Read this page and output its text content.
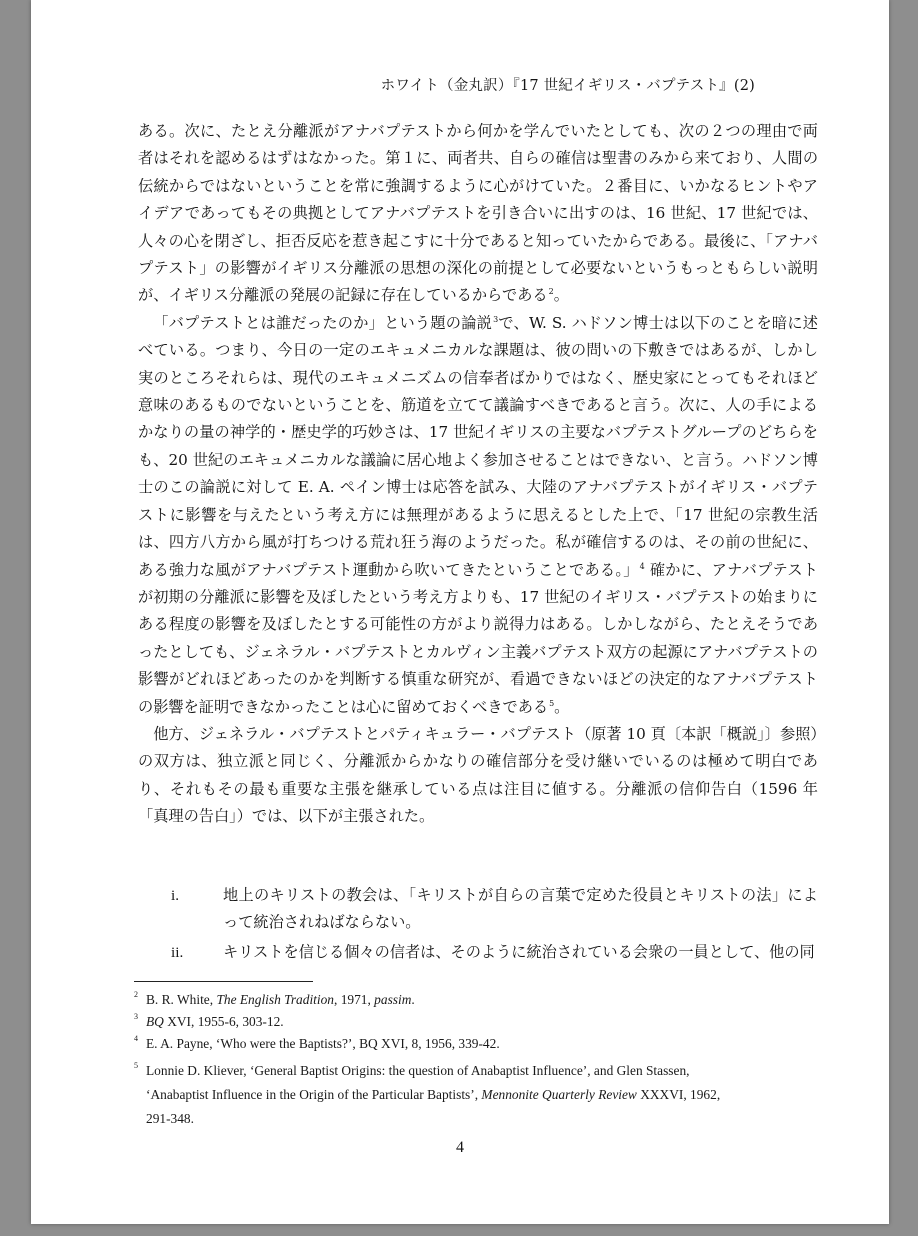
ホワイト（金丸訳）『17 世紀イギリス・バプテスト』(2)

ある。次に、たとえ分離派がアナバプテストから何かを学んでいたとしても、次の２つの理由で両者はそれを認めるはずはなかった。第１に、両者共、自らの確信は聖書のみから来ており、人間の伝統からではないということを常に強調するように心がけていた。２番目に、いかなるヒントやアイデアであってもその典拠としてアナバプテストを引き合いに出すのは、16 世紀、17 世紀では、人々の心を閉ざし、拒否反応を惹き起こすに十分であると知っていたからである。最後に、「アナバプテスト」の影響がイギリス分離派の思想の深化の前提として必要ないというもっともらしい説明が、イギリス分離派の発展の記録に存在しているからである$^2$。

「バプテストとは誰だったのか」という題の論説$^3$で、W. S. ハドソン博士は以下のことを暗に述べている。つまり、今日の一定のエキュメニカルな課題は、彼の問いの下敷きではあるが、しかし実のところそれらは、現代のエキュメニズムの信奉者ばかりではなく、歴史家にとってもそれほど意味のあるものでないということを、筋道を立てて議論すべきであると言う。次に、人の手によるかなりの量の神学的・歴史学的巧妙さは、17 世紀イギリスの主要なバプテストグループのどちらをも、20 世紀のエキュメニカルな議論に居心地よく参加させることはできない、と言う。ハドソン博士のこの論説に対して E. A. ペイン博士は応答を試み、大陸のアナバプテストがイギリス・バプテストに影響を与えたという考え方には無理があるように思えるとした上で、「17 世紀の宗教生活は、四方八方から風が打ちつける荒れ狂う海のようだった。私が確信するのは、その前の世紀に、ある強力な風がアナバプテスト運動から吹いてきたということである。」$^4$ 確かに、アナバプテストが初期の分離派に影響を及ぼしたという考え方よりも、17 世紀のイギリス・バプテストの始まりにある程度の影響を及ぼしたとする可能性の方がより説得力はある。しかしながら、たとえそうであったとしても、ジェネラル・バプテストとカルヴィン主義バプテスト双方の起源にアナバプテストの影響がどれほどあったのかを判断する慎重な研究が、看過できないほどの決定的なアナバプテストの影響を証明できなかったことは心に留めておくべきである$^5$。

他方、ジェネラル・バプテストとパティキュラー・バプテスト（原著 10 頁〔本訳「概説」〕参照）の双方は、独立派と同じく、分離派からかなりの確信部分を受け継いでいるのは極めて明白であり、それもその最も重要な主張を継承している点は注目に値する。分離派の信仰告白（1596 年「真理の告白」）では、以下が主張された。

i.	地上のキリストの教会は、「キリストが自らの言葉で定めた役員とキリストの法」によって統治されねばならない。
ii.	キリストを信じる個々の信者は、そのように統治されている会衆の一員として、他の同
2 B. R. White, The English Tradition, 1971, passim.
3 BQ XVI, 1955-6, 303-12.
4 E. A. Payne, ‘Who were the Baptists?’, BQ XVI, 8, 1956, 339-42.
5 Lonnie D. Kliever, ‘General Baptist Origins: the question of Anabaptist Influence’, and Glen Stassen, ‘Anabaptist Influence in the Origin of the Particular Baptists’, Mennonite Quarterly Review XXXVI, 1962, 291-348.
4
